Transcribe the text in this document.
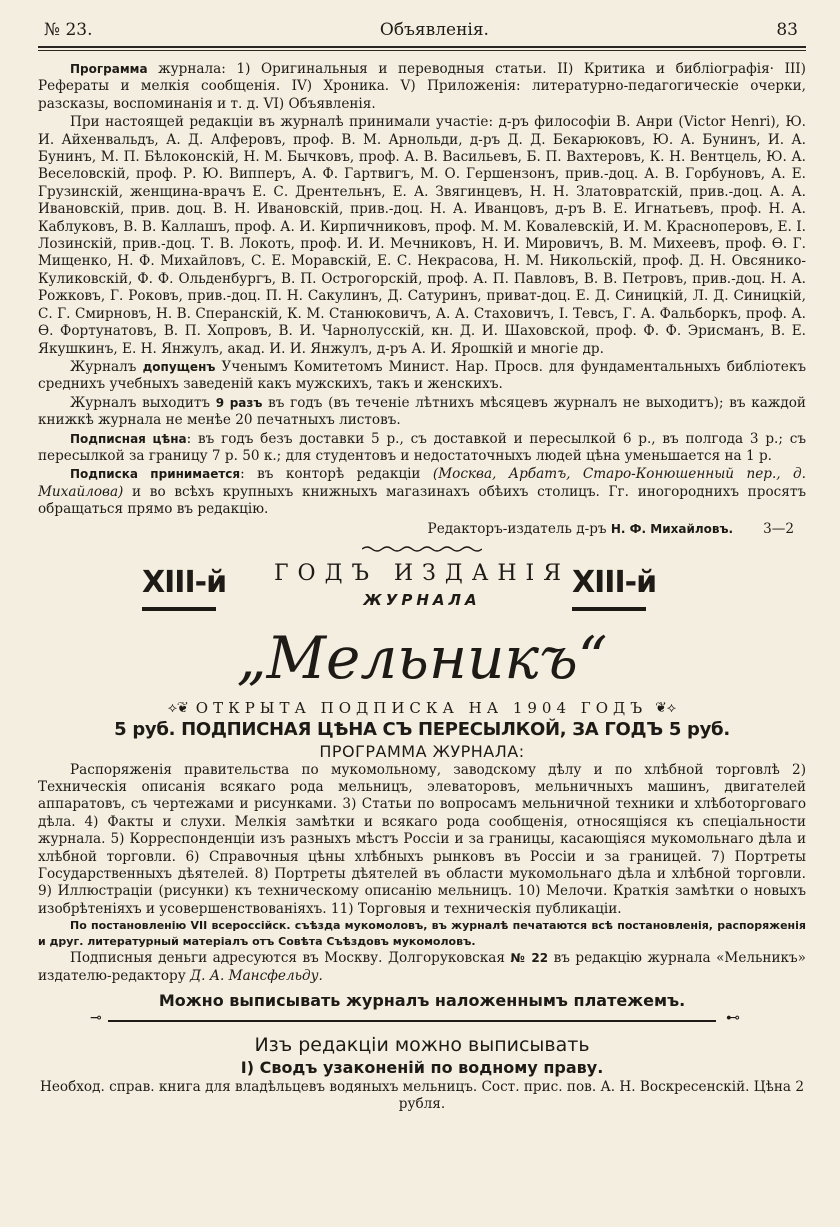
№ 23.	Объявленія.	83

Программа журнала: 1) Оригинальныя и переводныя статьи. II) Критика и библіографія· III) Рефераты и мелкія сообщенія. IV) Хроника. V) Приложенія: литературно-педагогическіе очерки, разсказы, воспоминанія и т. д. VI) Объявленія.

При настоящей редакціи въ журналѣ принимали участіе: д-ръ философіи В. Анри (Victor Henri), Ю. И. Айхенвальдъ, А. Д. Алферовъ, проф. В. М. Арнольди, д-ръ Д. Д. Бекарюковъ, Ю. А. Бунинъ, И. А. Бунинъ, М. П. Бѣлоконскій, Н. М. Бычковъ, проф. А. В. Васильевъ, Б. П. Вахтеровъ, К. Н. Вентцель, Ю. А. Веселовскій, проф. Р. Ю. Випперъ, А. Ф. Гартвигъ, М. О. Гершензонъ, прив.-доц. А. В. Горбуновъ, А. Е. Грузинскій, женщина-врачъ Е. С. Дрентельнъ, Е. А. Звягинцевъ, Н. Н. Златовратскій, прив.-доц. А. А. Ивановскій, прив. доц. В. Н. Ивановскій, прив.-доц. Н. А. Иванцовъ, д-ръ В. Е. Игнатьевъ, проф. Н. А. Каблуковъ, В. В. Каллашъ, проф. А. И. Кирпичниковъ, проф. М. М. Ковалевскій, И. М. Красноперовъ, Е. І. Лозинскій, прив.-доц. Т. В. Локоть, проф. И. И. Мечниковъ, Н. И. Мировичъ, В. М. Михеевъ, проф. Ѳ. Г. Мищенко, Н. Ф. Михайловъ, С. Е. Моравскій, Е. С. Некрасова, Н. М. Никольскій, проф. Д. Н. Овсянико-Куликовскій, Ф. Ф. Ольденбургъ, В. П. Острогорскій, проф. А. П. Павловъ, В. В. Петровъ, прив.-доц. Н. А. Рожковъ, Г. Роковъ, прив.-доц. П. Н. Сакулинъ, Д. Сатуринъ, приват-доц. Е. Д. Синицкій, Л. Д. Синицкій, С. Г. Смирновъ, Н. В. Сперанскій, К. М. Станюковичъ, А. А. Стаховичъ, І. Тевсъ, Г. А. Фальборкъ, проф. А. Ѳ. Фортунатовъ, В. П. Хопровъ, В. И. Чарнолусскій, кн. Д. И. Шаховской, проф. Ф. Ф. Эрисманъ, В. Е. Якушкинъ, Е. Н. Янжулъ, акад. И. И. Янжулъ, д-ръ А. И. Ярошкій и многіе др.

Журналъ допущенъ Ученымъ Комитетомъ Минист. Нар. Просв. для фундаментальныхъ библіотекъ среднихъ учебныхъ заведеній какъ мужскихъ, такъ и женскихъ.

Журналъ выходитъ 9 разъ въ годъ (въ теченіе лѣтнихъ мѣсяцевъ журналъ не выходитъ); въ каждой книжкѣ журнала не менѣе 20 печатныхъ листовъ.

Подписная цѣна: въ годъ безъ доставки 5 р., съ доставкой и пересылкой 6 р., въ полгода 3 р.; съ пересылкой за границу 7 р. 50 к.; для студентовъ и недостаточныхъ людей цѣна уменьшается на 1 р.

Подписка принимается: въ конторѣ редакціи (Москва, Арбатъ, Старо-Конюшенный пер., д. Михайлова) и во всѣхъ крупныхъ книжныхъ магазинахъ обѣихъ столицъ. Гг. иногороднихъ просятъ обращаться прямо въ редакцію.

Редакторъ-издатель д-ръ Н. Ф. Михайловъ. 3—2
XIII-й	ГОДЪ ИЗДАНІЯ
ЖУРНАЛА	XIII-й
„Мельникъ“
⟡❦ ОТКРЫТА ПОДПИСКА НА 1904 ГОДЪ ❦⟡
5 руб. ПОДПИСНАЯ ЦѢНА СЪ ПЕРЕСЫЛКОЙ, ЗА ГОДЪ 5 руб.
ПРОГРАММА ЖУРНАЛА:

Распоряженія правительства по мукомольному, заводскому дѣлу и по хлѣбной торговлѣ 2) Техническія описанія всякаго рода мельницъ, элеваторовъ, мельничныхъ машинъ, двигателей аппаратовъ, съ чертежами и рисунками. 3) Статьи по вопросамъ мельничной техники и хлѣботорговаго дѣла. 4) Факты и слухи. Мелкія замѣтки и всякаго рода сообщенія, относящіяся къ спеціальности журнала. 5) Корреспонденціи изъ разныхъ мѣстъ Россіи и за границы, касающіяся мукомольнаго дѣла и хлѣбной торговли. 6) Справочныя цѣны хлѣбныхъ рынковъ въ Россіи и за границей. 7) Портреты Государственныхъ дѣятелей. 8) Портреты дѣятелей въ области мукомольнаго дѣла и хлѣбной торговли. 9) Иллюстраціи (рисунки) къ техническому описанію мельницъ. 10) Мелочи. Краткія замѣтки о новыхъ изобрѣтеніяхъ и усовершенствованіяхъ. 11) Торговыя и техническія публикаціи.

По постановленію VII всероссійск. съѣзда мукомоловъ, въ журналѣ печатаются всѣ постановленія, распоряженія и друг. литературный матеріалъ отъ Совѣта Съѣздовъ мукомоловъ.

Подписныя деньги адресуются въ Москву. Долгоруковская № 22 въ редакцію журнала «Мельникъ» издателю-редактору Д. А. Мансфельду.

Можно выписывать журналъ наложеннымъ платежемъ.
⊸	⊷
Изъ редакціи можно выписывать
I) Сводъ узаконеній по водному праву.
Необход. справ. книга для владѣльцевъ водяныхъ мельницъ. Сост. прис. пов. А. Н. Воскресенскій. Цѣна 2 рубля.
